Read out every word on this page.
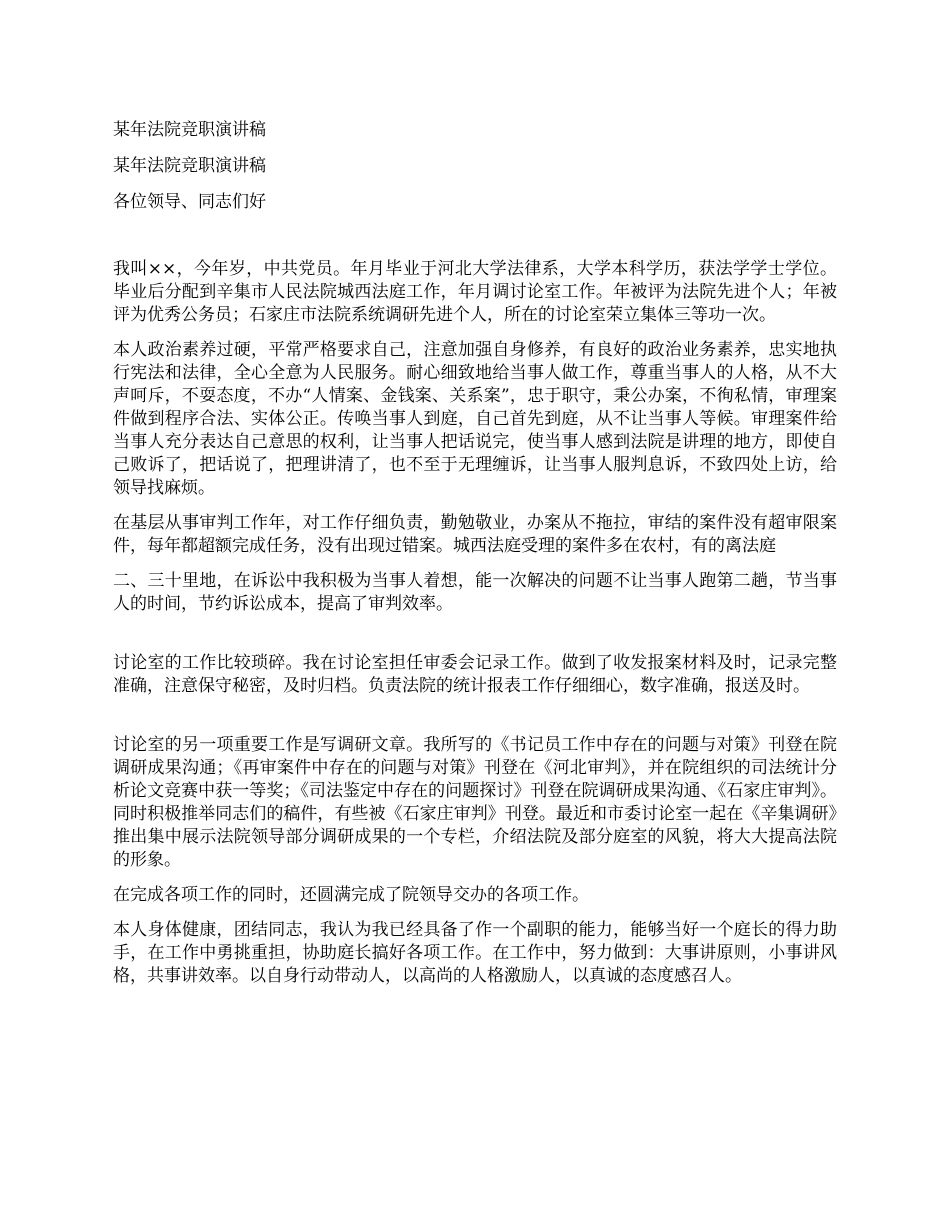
某年法院竞职演讲稿

某年法院竞职演讲稿

各位领导、同志们好

我叫××，今年岁，中共党员。年月毕业于河北大学法律系，大学本科学历，获法学学士学位。毕业后分配到辛集市人民法院城西法庭工作，年月调讨论室工作。年被评为法院先进个人；年被评为优秀公务员；石家庄市法院系统调研先进个人，所在的讨论室荣立集体三等功一次。

本人政治素养过硬，平常严格要求自己，注意加强自身修养，有良好的政治业务素养，忠实地执行宪法和法律，全心全意为人民服务。耐心细致地给当事人做工作，尊重当事人的人格，从不大声呵斥，不耍态度，不办“人情案、金钱案、关系案”，忠于职守，秉公办案，不徇私情，审理案件做到程序合法、实体公正。传唤当事人到庭，自己首先到庭，从不让当事人等候。审理案件给当事人充分表达自己意思的权利，让当事人把话说完，使当事人感到法院是讲理的地方，即使自己败诉了，把话说了，把理讲清了，也不至于无理缠诉，让当事人服判息诉，不致四处上访，给领导找麻烦。

在基层从事审判工作年，对工作仔细负责，勤勉敬业，办案从不拖拉，审结的案件没有超审限案件，每年都超额完成任务，没有出现过错案。城西法庭受理的案件多在农村，有的离法庭

二、三十里地，在诉讼中我积极为当事人着想，能一次解决的问题不让当事人跑第二趟，节当事人的时间，节约诉讼成本，提高了审判效率。

讨论室的工作比较琐碎。我在讨论室担任审委会记录工作。做到了收发报案材料及时，记录完整准确，注意保守秘密，及时归档。负责法院的统计报表工作仔细细心，数字准确，报送及时。

讨论室的另一项重要工作是写调研文章。我所写的《书记员工作中存在的问题与对策》刊登在院调研成果沟通；《再审案件中存在的问题与对策》刊登在《河北审判》，并在院组织的司法统计分析论文竞赛中获一等奖；《司法鉴定中存在的问题探讨》刊登在院调研成果沟通、《石家庄审判》。同时积极推举同志们的稿件，有些被《石家庄审判》刊登。最近和市委讨论室一起在《辛集调研》推出集中展示法院领导部分调研成果的一个专栏，介绍法院及部分庭室的风貌，将大大提高法院的形象。

在完成各项工作的同时，还圆满完成了院领导交办的各项工作。

本人身体健康，团结同志，我认为我已经具备了作一个副职的能力，能够当好一个庭长的得力助手，在工作中勇挑重担，协助庭长搞好各项工作。在工作中，努力做到：大事讲原则，小事讲风格，共事讲效率。以自身行动带动人，以高尚的人格激励人，以真诚的态度感召人。
